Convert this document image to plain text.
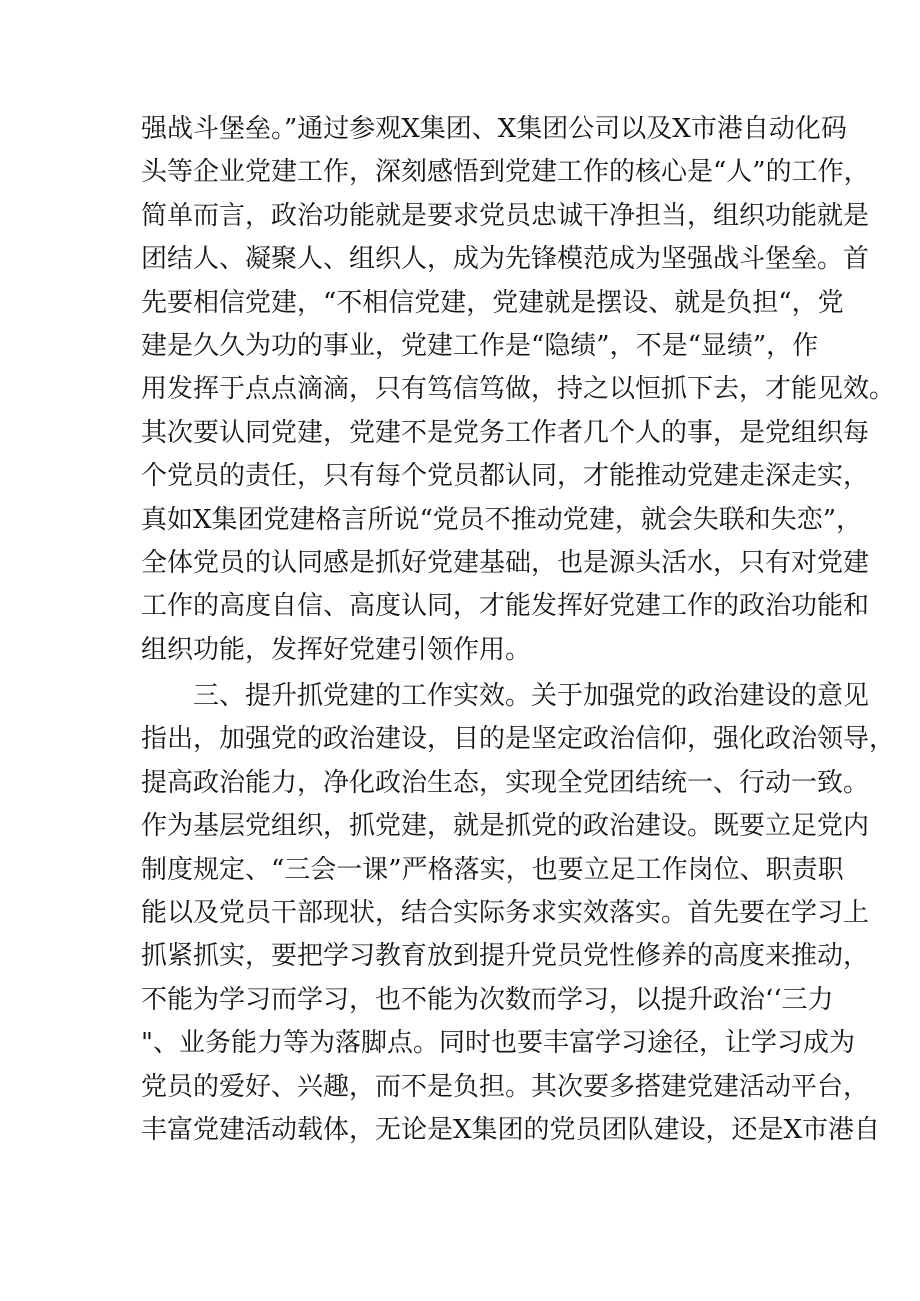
强战斗堡垒。”通过参观X集团、X集团公司以及X市港自动化码
头等企业党建工作，深刻感悟到党建工作的核心是“人”的工作，
简单而言，政治功能就是要求党员忠诚干净担当，组织功能就是
团结人、凝聚人、组织人，成为先锋模范成为坚强战斗堡垒。首
先要相信党建，“不相信党建，党建就是摆设、就是负担“，党
建是久久为功的事业，党建工作是“隐绩”，不是“显绩”，作
用发挥于点点滴滴，只有笃信笃做，持之以恒抓下去，才能见效。
其次要认同党建，党建不是党务工作者几个人的事，是党组织每
个党员的责任，只有每个党员都认同，才能推动党建走深走实，
真如X集团党建格言所说“党员不推动党建，就会失联和失恋”，
全体党员的认同感是抓好党建基础，也是源头活水，只有对党建
工作的高度自信、高度认同，才能发挥好党建工作的政治功能和
组织功能，发挥好党建引领作用。
三、提升抓党建的工作实效。关于加强党的政治建设的意见
指出，加强党的政治建设，目的是坚定政治信仰，强化政治领导，
提高政治能力，净化政治生态，实现全党团结统一、行动一致。
作为基层党组织，抓党建，就是抓党的政治建设。既要立足党内
制度规定、“三会一课”严格落实，也要立足工作岗位、职责职
能以及党员干部现状，结合实际务求实效落实。首先要在学习上
抓紧抓实，要把学习教育放到提升党员党性修养的高度来推动，
不能为学习而学习，也不能为次数而学习，以提升政治‘‘三力
"、业务能力等为落脚点。同时也要丰富学习途径，让学习成为
党员的爱好、兴趣，而不是负担。其次要多搭建党建活动平台，
丰富党建活动载体，无论是X集团的党员团队建设，还是X市港自
